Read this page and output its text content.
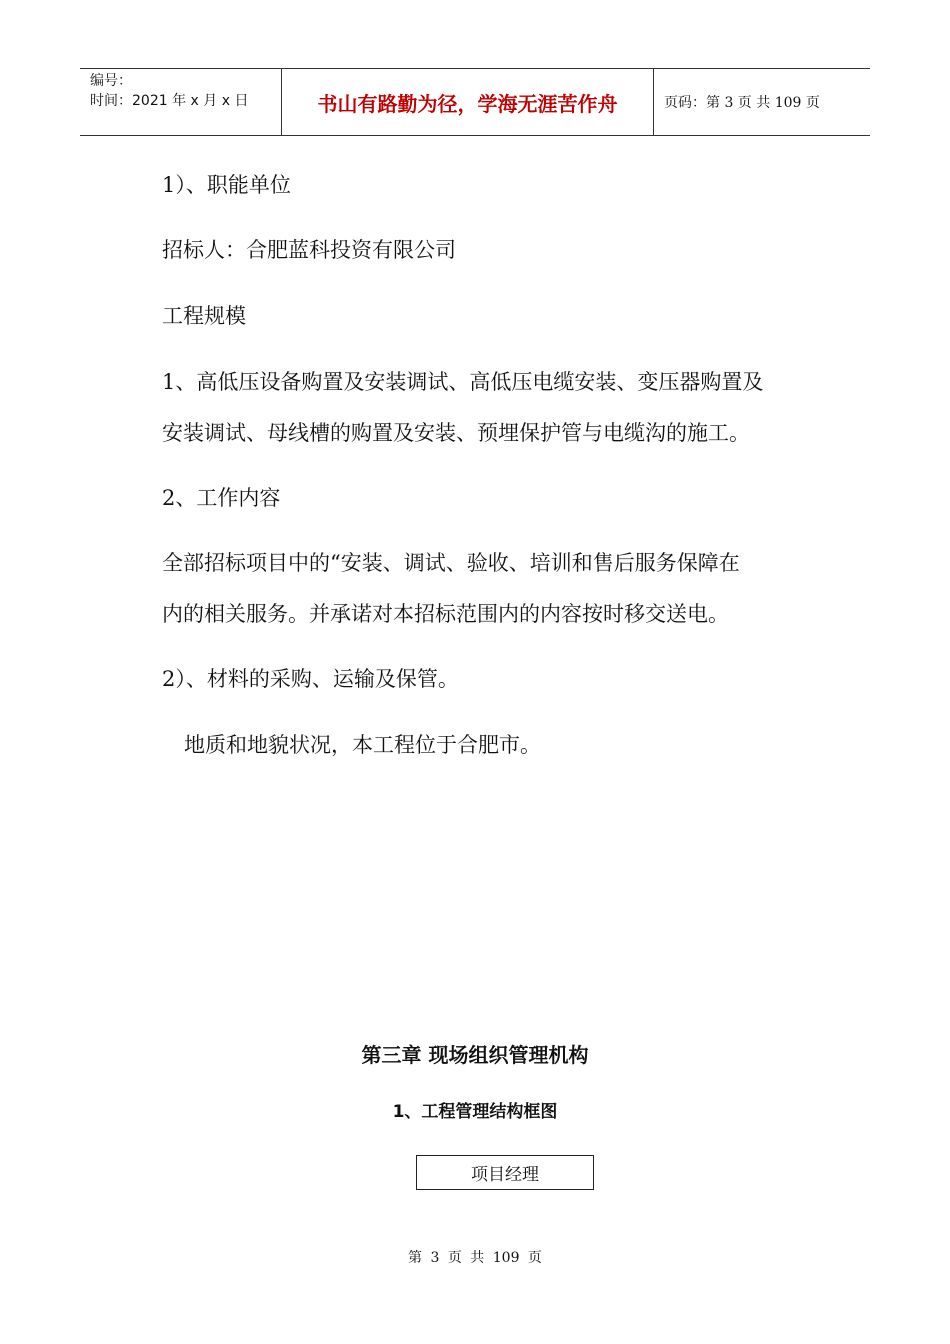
编号：
时间：2021 年 x 月 x 日	书山有路勤为径，学海无涯苦作舟	页码：第 3 页 共 109 页
1）、职能单位
招标人：合肥蓝科投资有限公司
工程规模
1、高低压设备购置及安装调试、高低压电缆安装、变压器购置及
安装调试、母线槽的购置及安装、预埋保护管与电缆沟的施工。
2、工作内容
全部招标项目中的“安装、调试、验收、培训和售后服务保障在
内的相关服务。并承诺对本招标范围内的内容按时移交送电。
2）、材料的采购、运输及保管。
地质和地貌状况，本工程位于合肥市。
第三章 现场组织管理机构
1、工程管理结构框图
项目经理
第 3 页 共 109 页
